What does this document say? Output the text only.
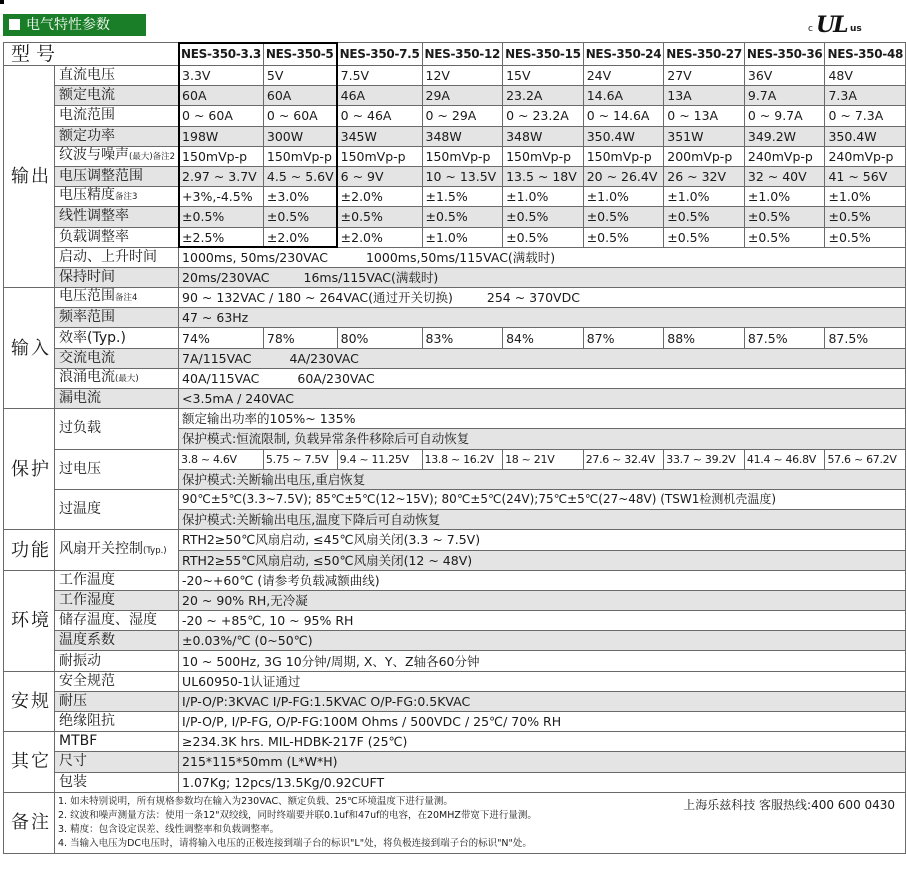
电气特性参数	c UL us
型号		NES-350-3.3	NES-350-5	NES-350-7.5	NES-350-12	NES-350-15	NES-350-24	NES-350-27	NES-350-36	NES-350-48
输出	直流电压	3.3V	5V	7.5V	12V	15V	24V	27V	36V	48V
	额定电流	60A	60A	46A	29A	23.2A	14.6A	13A	9.7A	7.3A
	电流范围	0 ~ 60A	0 ~ 60A	0 ~ 46A	0 ~ 29A	0 ~ 23.2A	0 ~ 14.6A	0 ~ 13A	0 ~ 9.7A	0 ~ 7.3A
	额定功率	198W	300W	345W	348W	348W	350.4W	351W	349.2W	350.4W
	纹波与噪声(最大)备注2	150mVp-p	150mVp-p	150mVp-p	150mVp-p	150mVp-p	150mVp-p	200mVp-p	240mVp-p	240mVp-p
	电压调整范围	2.97 ~ 3.7V	4.5 ~ 5.6V	6 ~ 9V	10 ~ 13.5V	13.5 ~ 18V	20 ~ 26.4V	26 ~ 32V	32 ~ 40V	41 ~ 56V
	电压精度备注3	+3%,-4.5%	±3.0%	±2.0%	±1.5%	±1.0%	±1.0%	±1.0%	±1.0%	±1.0%
	线性调整率	±0.5%	±0.5%	±0.5%	±0.5%	±0.5%	±0.5%	±0.5%	±0.5%	±0.5%
	负载调整率	±2.5%	±2.0%	±2.0%	±1.0%	±0.5%	±0.5%	±0.5%	±0.5%	±0.5%
	启动、上升时间	1000ms, 50ms/230VAC 1000ms,50ms/115VAC(满载时)								
	保持时间	20ms/230VAC 16ms/115VAC(满载时)								
输入	电压范围备注4	90 ~ 132VAC / 180 ~ 264VAC(通过开关切换) 254 ~ 370VDC								
	频率范围	47 ~ 63Hz								
	效率(Typ.)	74%	78%	80%	83%	84%	87%	88%	87.5%	87.5%
	交流电流	7A/115VAC 4A/230VAC								
	浪涌电流(最大)	40A/115VAC 60A/230VAC								
	漏电流	<3.5mA / 240VAC								
保护	过负载	额定输出功率的105%~ 135%								
		保护模式:恒流限制, 负载异常条件移除后可自动恢复								
	过电压	3.8 ~ 4.6V	5.75 ~ 7.5V	9.4 ~ 11.25V	13.8 ~ 16.2V	18 ~ 21V	27.6 ~ 32.4V	33.7 ~ 39.2V	41.4 ~ 46.8V	57.6 ~ 67.2V
		保护模式:关断输出电压,重启恢复								
	过温度	90℃±5℃(3.3~7.5V); 85℃±5℃(12~15V); 80℃±5℃(24V);75℃±5℃(27~48V) (TSW1检测机壳温度)								
		保护模式:关断输出电压,温度下降后可自动恢复								
功能	风扇开关控制(Typ.)	RTH2≥50℃风扇启动, ≤45℃风扇关闭(3.3 ~ 7.5V)								
		RTH2≥55℃风扇启动, ≤50℃风扇关闭(12 ~ 48V)								
环境	工作温度	-20~+60℃ (请参考负载减额曲线)								
	工作湿度	20 ~ 90% RH,无冷凝								
	储存温度、湿度	-20 ~ +85℃, 10 ~ 95% RH								
	温度系数	±0.03%/℃ (0~50℃)								
	耐振动	10 ~ 500Hz, 3G 10分钟/周期, X、Y、Z轴各60分钟								
安规	安全规范	UL60950-1认证通过								
	耐压	I/P-O/P:3KVAC I/P-FG:1.5KVAC O/P-FG:0.5KVAC								
	绝缘阻抗	I/P-O/P, I/P-FG, O/P-FG:100M Ohms / 500VDC / 25℃/ 70% RH								
其它	MTBF	≥234.3K hrs. MIL-HDBK-217F (25℃)								
	尺寸	215*115*50mm (L*W*H)								
	包装	1.07Kg; 12pcs/13.5Kg/0.92CUFT								
备注	1. 如未特别说明，所有规格参数均在输入为230VAC、额定负载、25℃环境温度下进行量测。

2. 纹波和噪声测量方法：使用一条12"双绞线，同时终端要并联0.1uf和47uf的电容，在20MHZ带宽下进行量测。

3. 精度：包含设定误差、线性调整率和负载调整率。

4. 当输入电压为DC电压时，请将输入电压的正极连接到端子台的标识"L"处，将负极连接到端子台的标识"N"处。

上海乐兹科技 客服热线:400 600 0430									
